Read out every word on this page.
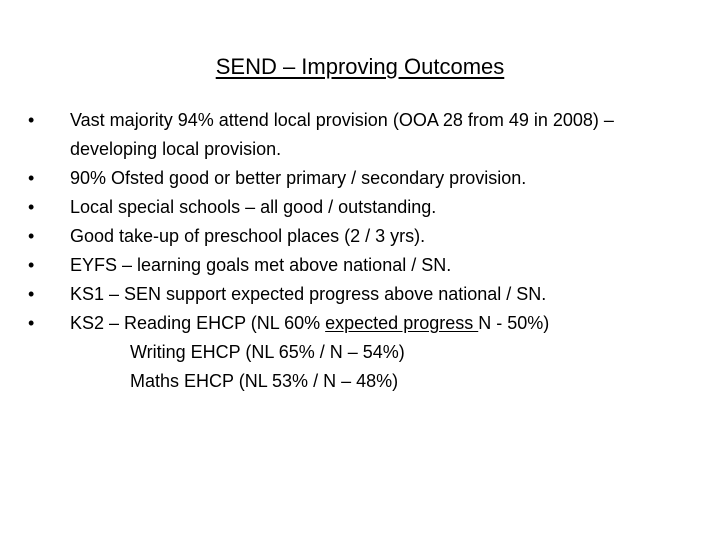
SEND – Improving Outcomes
•	Vast majority 94% attend local provision (OOA 28 from 49 in 2008) – developing local provision.
•	90% Ofsted good or better primary / secondary provision.
•	Local special schools – all good / outstanding.
•	Good take-up of preschool places (2 / 3 yrs).
•	EYFS – learning goals met above national / SN.
•	KS1 – SEN support expected progress above national / SN.
•	KS2 – Reading EHCP (NL 60% expected progress N - 50%)
Writing EHCP (NL 65% / N – 54%)
Maths EHCP (NL 53% / N – 48%)
